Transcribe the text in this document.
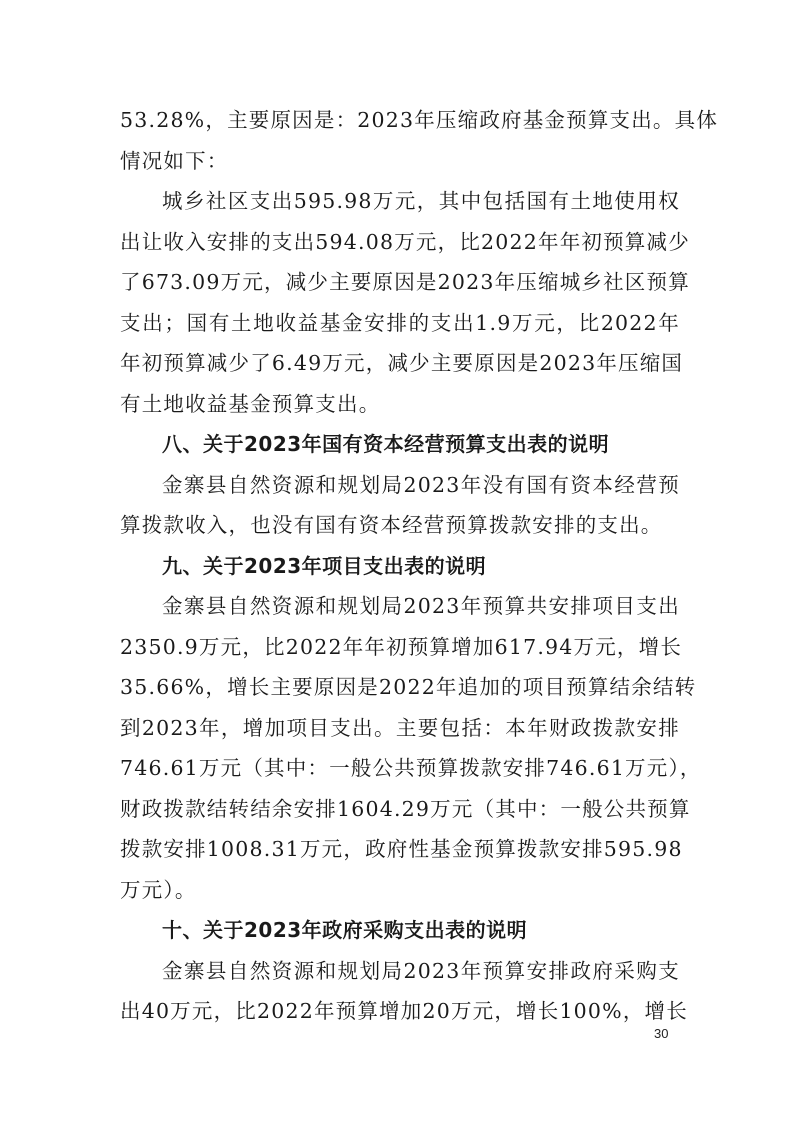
53.28%，主要原因是：2023年压缩政府基金预算支出。具体
情况如下：
城乡社区支出595.98万元，其中包括国有土地使用权
出让收入安排的支出594.08万元，比2022年年初预算减少
了673.09万元，减少主要原因是2023年压缩城乡社区预算
支出；国有土地收益基金安排的支出1.9万元，比2022年
年初预算减少了6.49万元，减少主要原因是2023年压缩国
有土地收益基金预算支出。
八、关于2023年国有资本经营预算支出表的说明
金寨县自然资源和规划局2023年没有国有资本经营预
算拨款收入，也没有国有资本经营预算拨款安排的支出。
九、关于2023年项目支出表的说明
金寨县自然资源和规划局2023年预算共安排项目支出
2350.9万元，比2022年年初预算增加617.94万元，增长
35.66%，增长主要原因是2022年追加的项目预算结余结转
到2023年，增加项目支出。主要包括：本年财政拨款安排
746.61万元（其中：一般公共预算拨款安排746.61万元），
财政拨款结转结余安排1604.29万元（其中：一般公共预算
拨款安排1008.31万元，政府性基金预算拨款安排595.98
万元）。
十、关于2023年政府采购支出表的说明
金寨县自然资源和规划局2023年预算安排政府采购支
出40万元，比2022年预算增加20万元，增长100%，增长
30
